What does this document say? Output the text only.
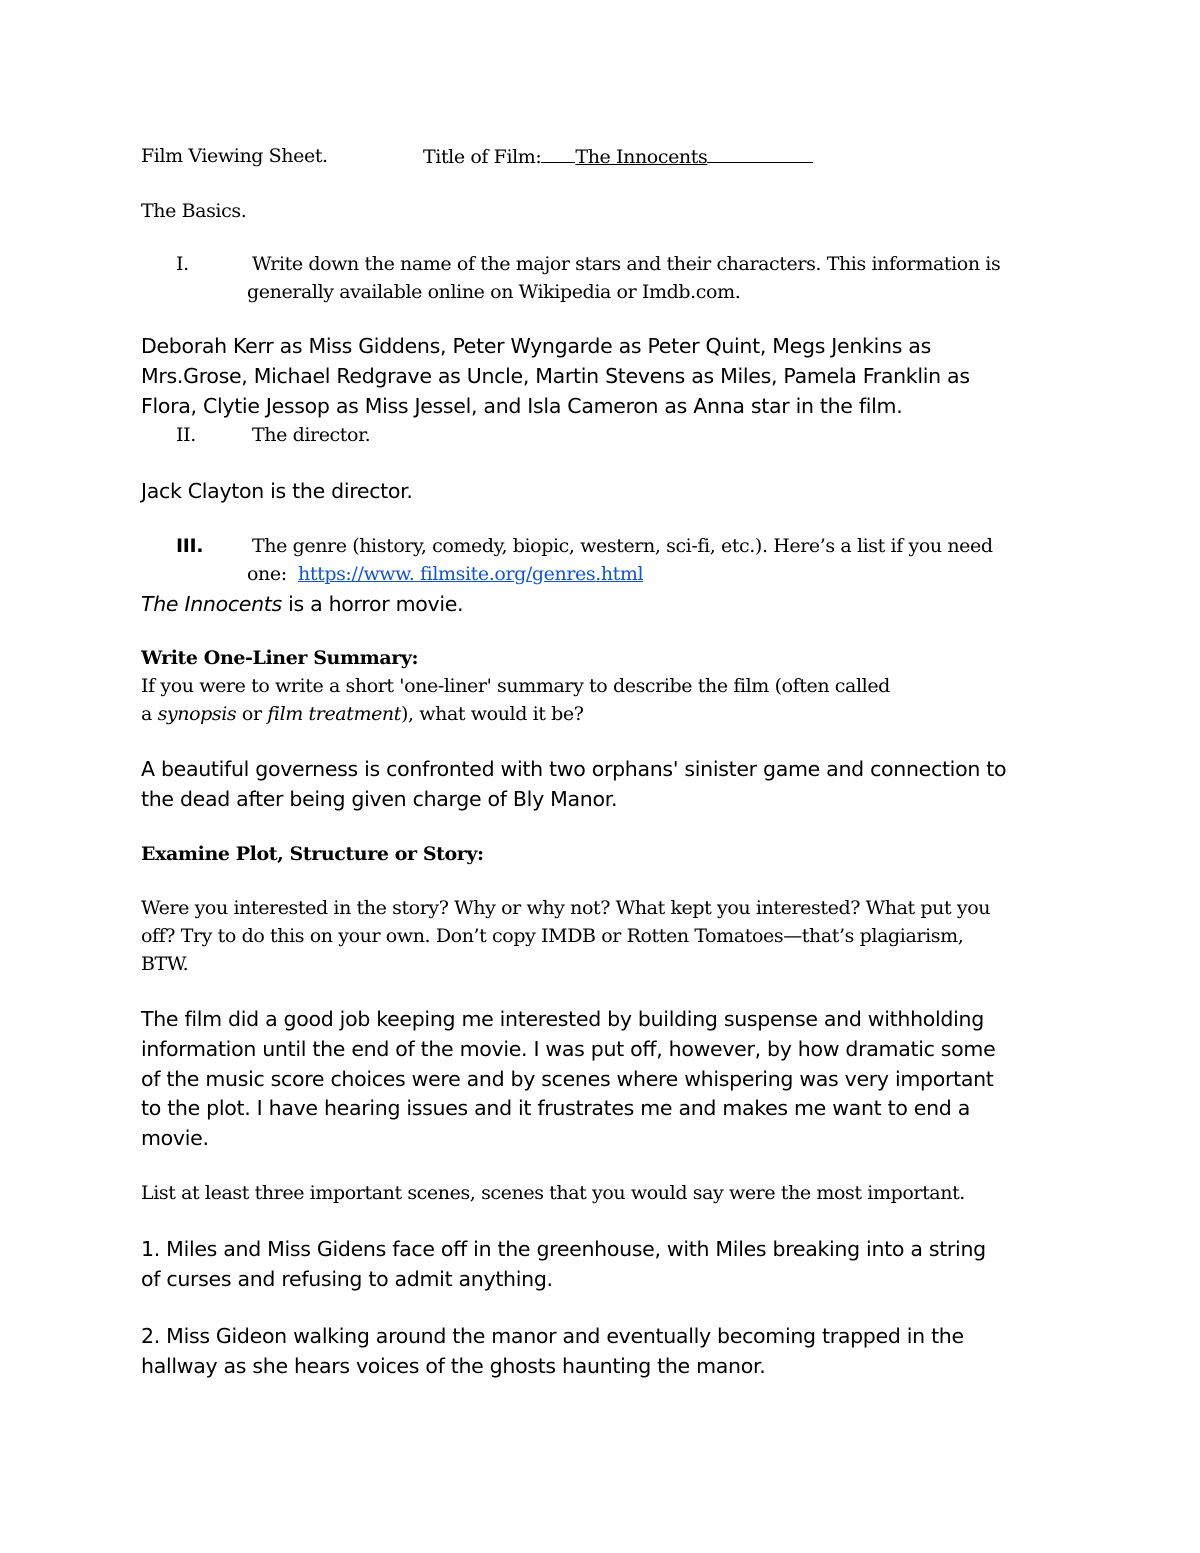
Film Viewing Sheet.	Title of Film: The Innocents
The Basics.
I.	Write down the name of the major stars and their characters. This information is
generally available online on Wikipedia or Imdb.com.
Deborah Kerr as Miss Giddens, Peter Wyngarde as Peter Quint, Megs Jenkins as
Mrs.Grose, Michael Redgrave as Uncle, Martin Stevens as Miles, Pamela Franklin as
Flora, Clytie Jessop as Miss Jessel, and Isla Cameron as Anna star in the film.
II.	The director.
Jack Clayton is the director.
III.	The genre (history, comedy, biopic, western, sci-fi, etc.). Here’s a list if you need
one: https://www. filmsite.org/genres.html
The Innocents is a horror movie.
Write One-Liner Summary:
If you were to write a short 'one-liner' summary to describe the film (often called
a synopsis or film treatment), what would it be?
A beautiful governess is confronted with two orphans' sinister game and connection to
the dead after being given charge of Bly Manor.
Examine Plot, Structure or Story:
Were you interested in the story? Why or why not? What kept you interested? What put you
off? Try to do this on your own. Don’t copy IMDB or Rotten Tomatoes—that’s plagiarism,
BTW.
The film did a good job keeping me interested by building suspense and withholding
information until the end of the movie. I was put off, however, by how dramatic some
of the music score choices were and by scenes where whispering was very important
to the plot. I have hearing issues and it frustrates me and makes me want to end a
movie.
List at least three important scenes, scenes that you would say were the most important.
1. Miles and Miss Gidens face off in the greenhouse, with Miles breaking into a string
of curses and refusing to admit anything.
2. Miss Gideon walking around the manor and eventually becoming trapped in the
hallway as she hears voices of the ghosts haunting the manor.
